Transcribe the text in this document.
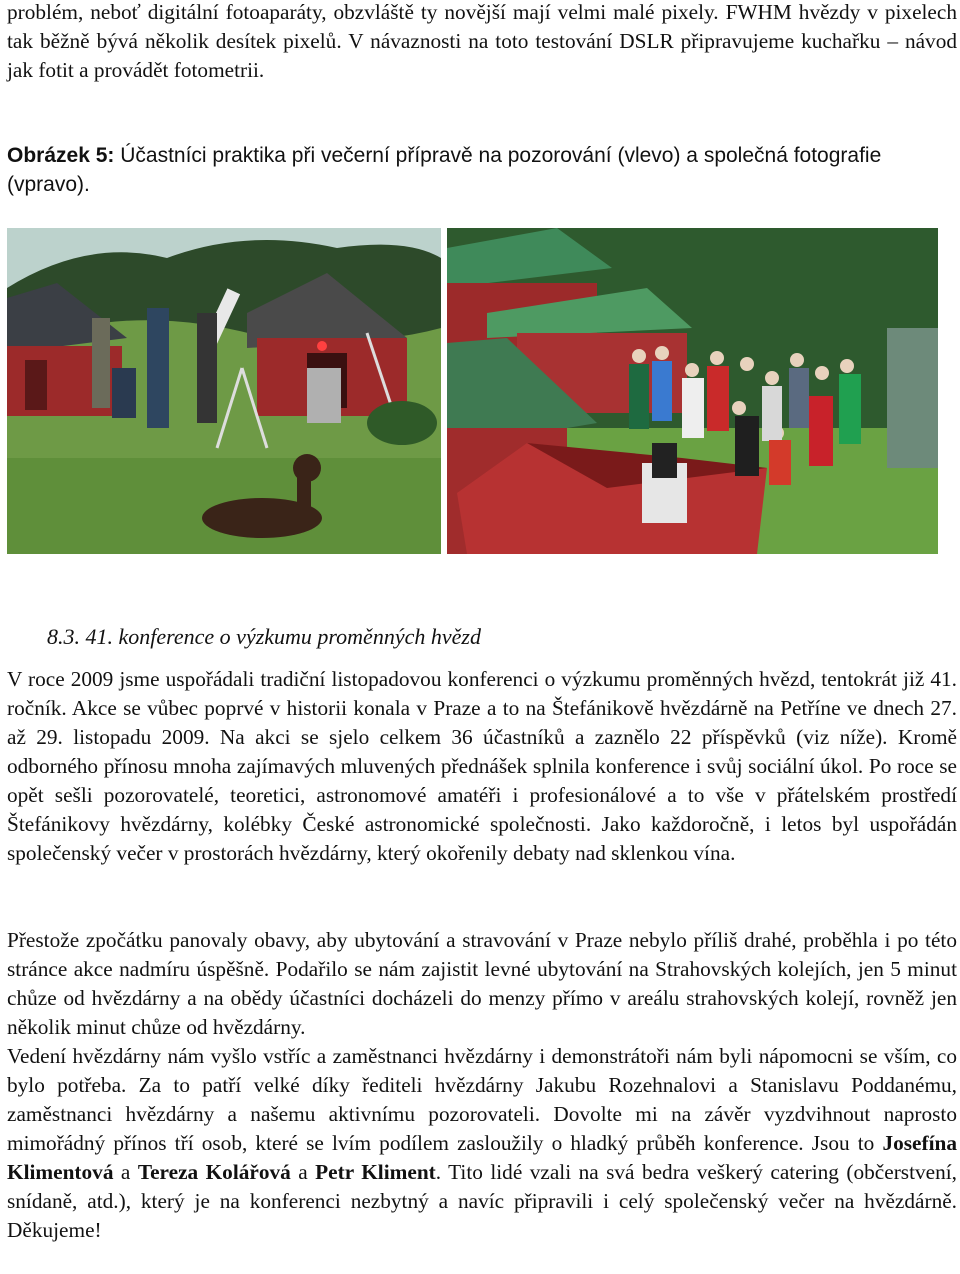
problém, neboť digitální fotoaparáty, obzvláště ty novější mají velmi malé pixely. FWHM hvězdy v pixelech tak běžně bývá několik desítek pixelů. V návaznosti na toto testování DSLR připravujeme kuchařku – návod jak fotit a provádět fotometrii.

Obrázek 5: Účastníci praktika při večerní přípravě na pozorování (vlevo) a společná fotografie (vpravo).

8.3. 41. konference o výzkumu proměnných hvězd

V roce 2009 jsme uspořádali tradiční listopadovou konferenci o výzkumu proměnných hvězd, tentokrát již 41. ročník. Akce se vůbec poprvé v historii konala v Praze a to na Štefánikově hvězdárně na Petříne ve dnech 27. až 29. listopadu 2009. Na akci se sjelo celkem 36 účastníků a zaznělo 22 příspěvků (viz níže). Kromě odborného přínosu mnoha zajímavých mluvených přednášek splnila konference i svůj sociální úkol. Po roce se opět sešli pozorovatelé, teoretici, astronomové amatéři i profesionálové a to vše v přátelském prostředí Štefánikovy hvězdárny, kolébky České astronomické společnosti. Jako každoročně, i letos byl uspořádán společenský večer v prostorách hvězdárny, který okořenily debaty nad sklenkou vína.

Přestože zpočátku panovaly obavy, aby ubytování a stravování v Praze nebylo příliš drahé, proběhla i po této stránce akce nadmíru úspěšně. Podařilo se nám zajistit levné ubytování na Strahovských kolejích, jen 5 minut chůze od hvězdárny a na obědy účastníci docházeli do menzy přímo v areálu strahovských kolejí, rovněž jen několik minut chůze od hvězdárny.

Vedení hvězdárny nám vyšlo vstříc a zaměstnanci hvězdárny i demonstrátoři nám byli nápomocni se vším, co bylo potřeba. Za to patří velké díky řediteli hvězdárny Jakubu Rozehnalovi a Stanislavu Poddanému, zaměstnanci hvězdárny a našemu aktivnímu pozorovateli. Dovolte mi na závěr vyzdvihnout naprosto mimořádný přínos tří osob, které se lvím podílem zasloužily o hladký průběh konference. Jsou to Josefína Klimentová a Tereza Kolářová a Petr Kliment. Tito lidé vzali na svá bedra veškerý catering (občerstvení, snídaně, atd.), který je na konferenci nezbytný a navíc připravili i celý společenský večer na hvězdárně. Děkujeme!
